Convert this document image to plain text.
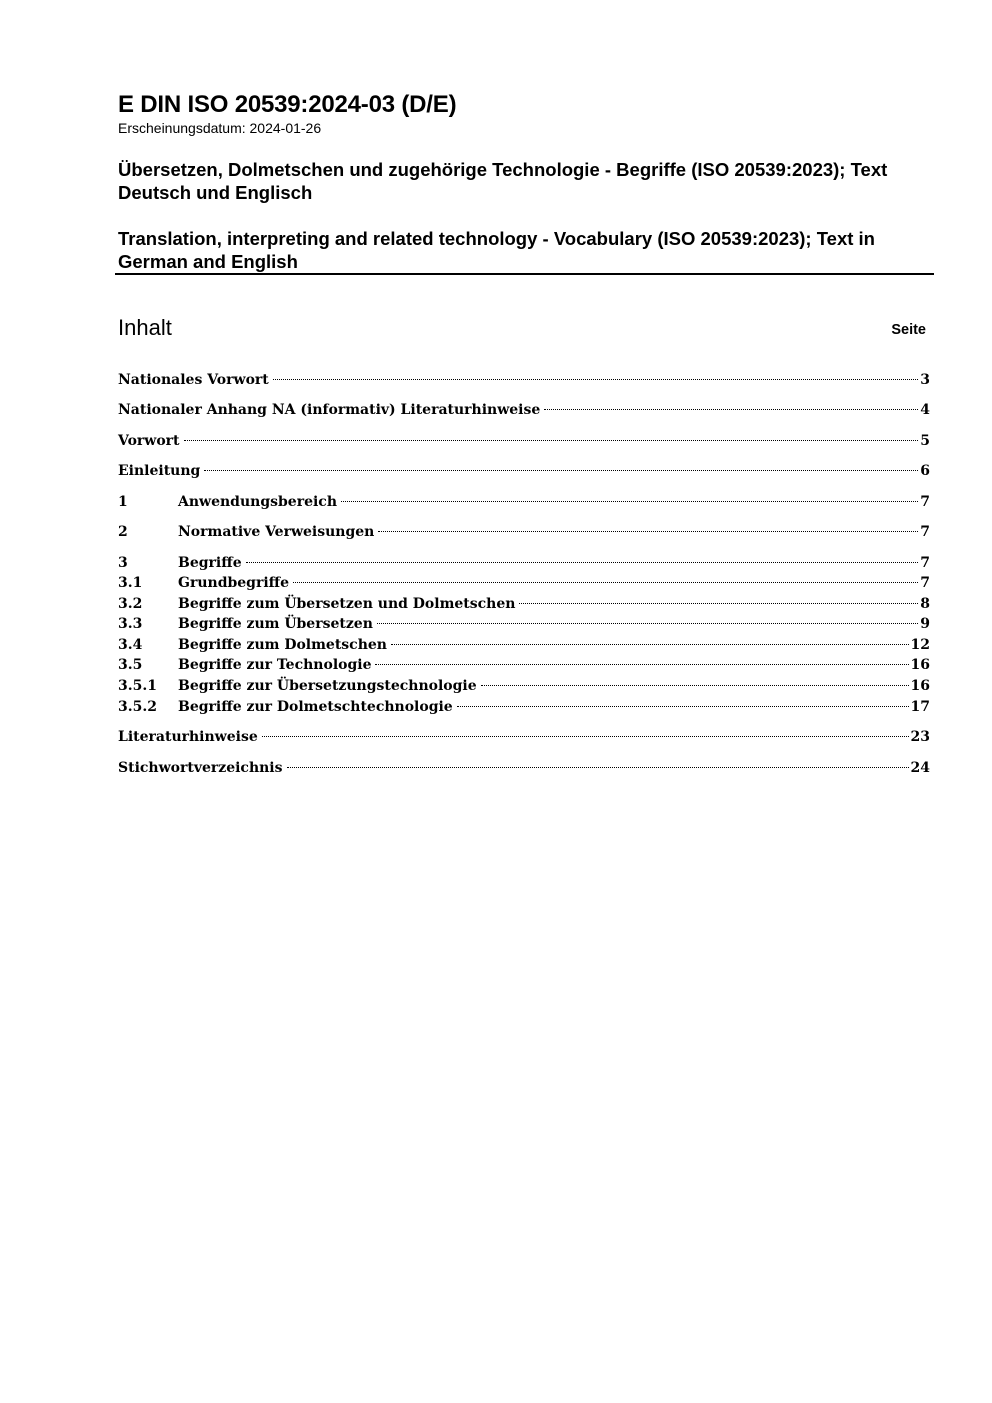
E DIN ISO 20539:2024-03 (D/E)
Erscheinungsdatum: 2024-01-26
Übersetzen, Dolmetschen und zugehörige Technologie - Begriffe (ISO 20539:2023); Text Deutsch und Englisch
Translation, interpreting and related technology - Vocabulary (ISO 20539:2023); Text in German and English
Inhalt	Seite
Nationales Vorwort	3
Nationaler Anhang NA (informativ) Literaturhinweise	4
Vorwort	5
Einleitung	6
1	Anwendungsbereich	7
2	Normative Verweisungen	7
3	Begriffe	7
3.1	Grundbegriffe	7
3.2	Begriffe zum Übersetzen und Dolmetschen	8
3.3	Begriffe zum Übersetzen	9
3.4	Begriffe zum Dolmetschen	12
3.5	Begriffe zur Technologie	16
3.5.1	Begriffe zur Übersetzungstechnologie	16
3.5.2	Begriffe zur Dolmetschtechnologie	17
Literaturhinweise	23
Stichwortverzeichnis	24
